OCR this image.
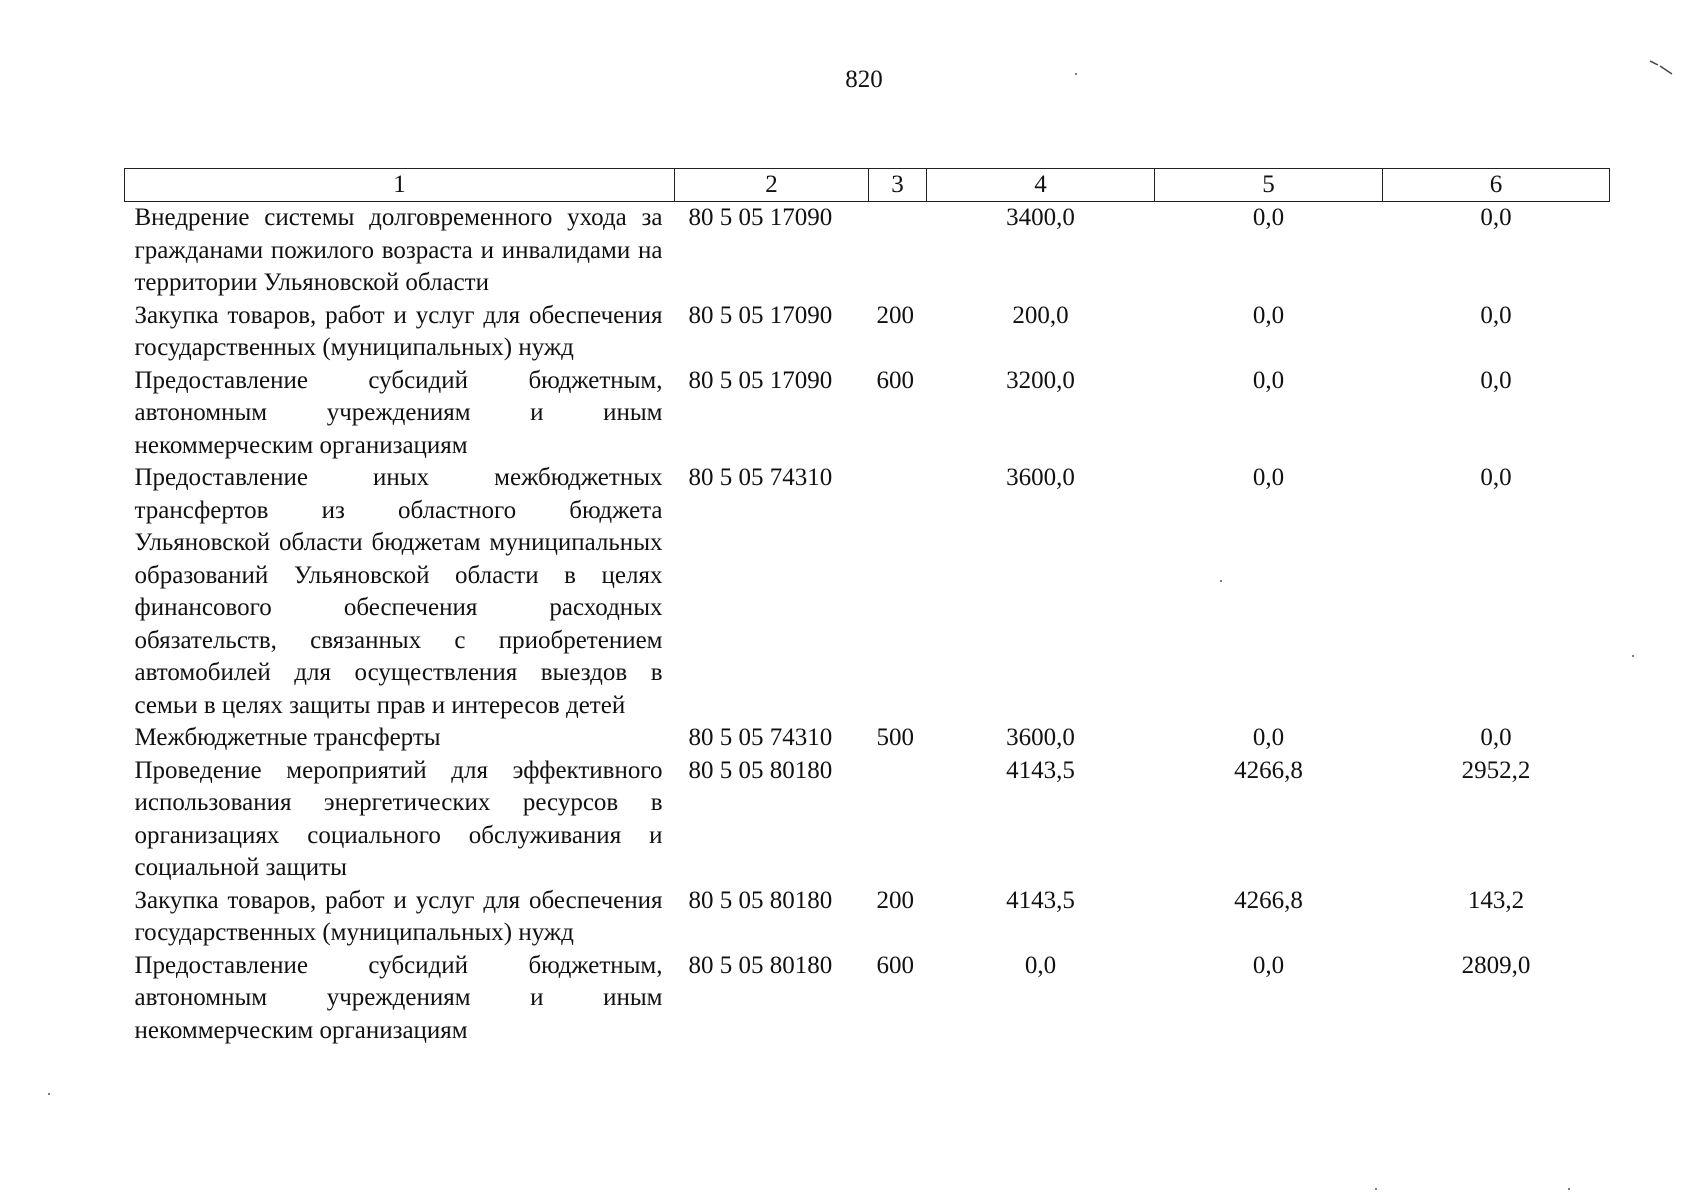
820
1	2	3	4	5	6
Внедрение системы долговременного ухода за гражданами пожилого возраста и инвалидами на территории Ульяновской области	80 5 05 17090		3400,0	0,0	0,0
Закупка товаров, работ и услуг для обеспечения государственных (муниципальных) нужд	80 5 05 17090	200	200,0	0,0	0,0
Предоставление субсидий бюджетным, автономным учреждениям и иным некоммерческим организациям	80 5 05 17090	600	3200,0	0,0	0,0
Предоставление иных межбюджетных трансфертов из областного бюджета Ульяновской области бюджетам муниципальных образований Ульяновской области в целях финансового обеспечения расходных обязательств, связанных с приобретением автомобилей для осуществления выездов в семьи в целях защиты прав и интересов детей	80 5 05 74310		3600,0	0,0	0,0
Межбюджетные трансферты	80 5 05 74310	500	3600,0	0,0	0,0
Проведение мероприятий для эффективного использования энергетических ресурсов в организациях социального обслуживания и социальной защиты	80 5 05 80180		4143,5	4266,8	2952,2
Закупка товаров, работ и услуг для обеспечения государственных (муниципальных) нужд	80 5 05 80180	200	4143,5	4266,8	143,2
Предоставление субсидий бюджетным, автономным учреждениям и иным некоммерческим организациям	80 5 05 80180	600	0,0	0,0	2809,0
